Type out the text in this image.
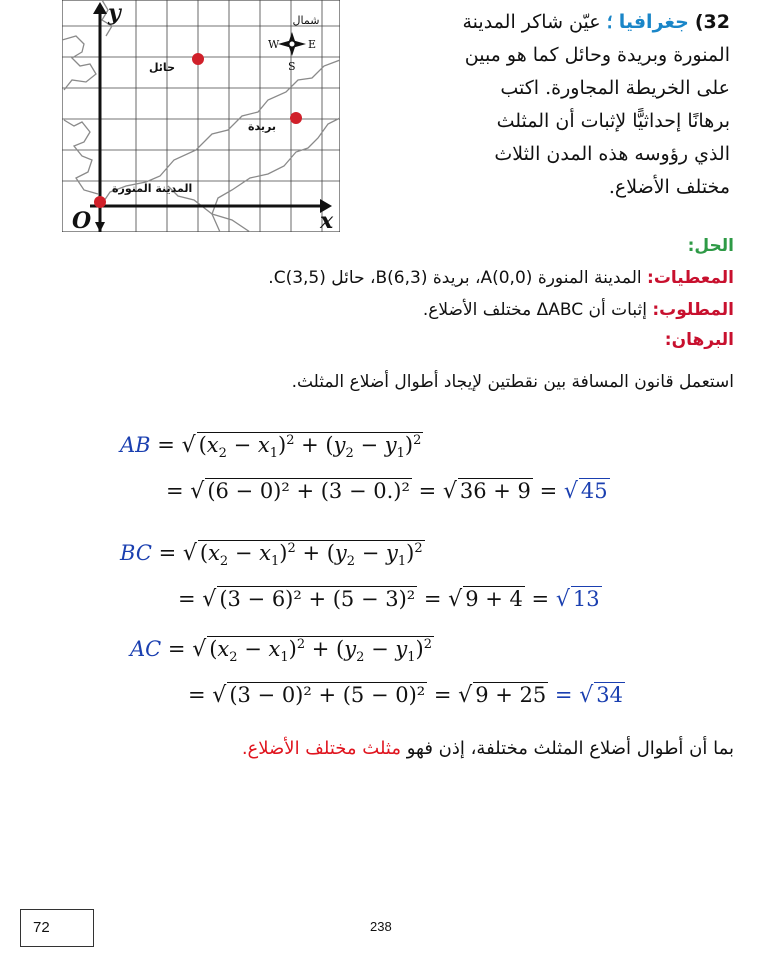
y
x
O
شمال
W	E
S
حائل
بريدة
المدينة المنورة
32) جغرافيا ؛ عيّن شاكر المدينة
المنورة وبريدة وحائل كما هو مبين
على الخريطة المجاورة. اكتب
برهانًا إحداثيًّا لإثبات أن المثلث
الذي رؤوسه هذه المدن الثلاث
مختلف الأضلاع.
الحل:
المعطيات: المدينة المنورة (0,0)A، بريدة (6,3)B، حائل (3,5)C.
المطلوب: إثبات أن ΔABC مختلف الأضلاع.
البرهان:
استعمل قانون المسافة بين نقطتين لإيجاد أطوال أضلاع المثلث.
AB = √ $(x_2 - x_1)^2 + (y_2 - y_1)^2$
= √ (6 − 0)² + (3 − 0.)² = √ 36 + 9 = √ 45
BC = √ $(x_2 - x_1)^2 + (y_2 - y_1)^2$
= √ (3 − 6)² + (5 − 3)² = √ 9 + 4 = √ 13
AC = √ $(x_2 - x_1)^2 + (y_2 - y_1)^2$
= √ (3 − 0)² + (5 − 0)² = √ 9 + 25 = √ 34
بما أن أطوال أضلاع المثلث مختلفة، إذن فهو مثلث مختلف الأضلاع.
72	238
